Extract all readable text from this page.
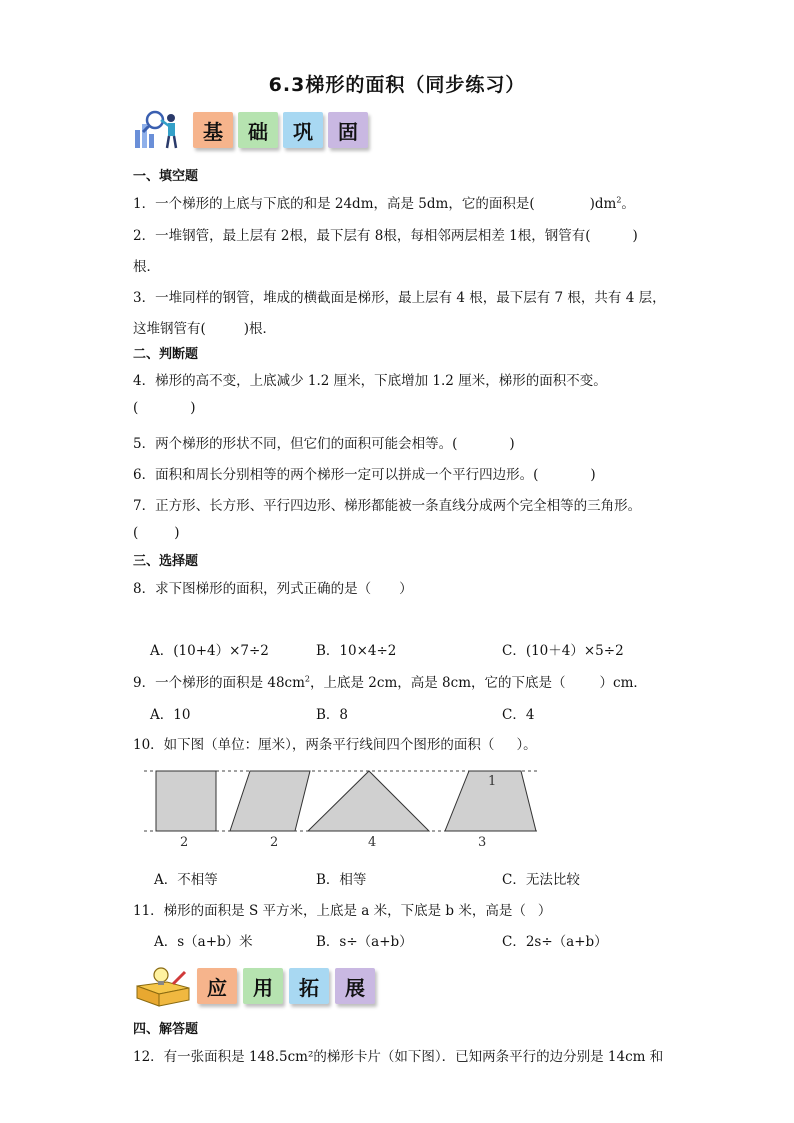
6.3梯形的面积（同步练习）
基	础	巩	固
一、填空题
1．一个梯形的上底与下底的和是 24dm，高是 5dm，它的面积是(	)$dm^2$。
2．一堆钢管，最上层有 2根，最下层有 8根，每相邻两层相差 1根，钢管有(	)
根．
3．一堆同样的钢管，堆成的横截面是梯形，最上层有 4 根，最下层有 7 根，共有 4 层，
这堆钢管有(	)根．
二、判断题
4．梯形的高不变，上底减少 1.2 厘米，下底增加 1.2 厘米，梯形的面积不变。
(	)
5．两个梯形的形状不同，但它们的面积可能会相等。(	)
6．面积和周长分别相等的两个梯形一定可以拼成一个平行四边形。(	)
7．正方形、长方形、平行四边形、梯形都能被一条直线分成两个完全相等的三角形。
(	)
三、选择题
8．求下图梯形的面积，列式正确的是（ ）
A．(10+4）×7÷2	B．10×4÷2	C．(10＋4）×5÷2
9．一个梯形的面积是 $48cm^2$，上底是 2cm，高是 8cm，它的下底是（	）cm．
A．10	B．8	C．4
10．如下图（单位：厘米），两条平行线间四个图形的面积（ ）。
2	2	4	3
1
A．不相等	B．相等	C．无法比较
11．梯形的面积是 S 平方米，上底是 a 米，下底是 b 米，高是（ ）
A．s（a+b）米	B．s÷（a+b）	C．2s÷（a+b）
应	用	拓	展
四、解答题
12．有一张面积是 148.5cm²的梯形卡片（如下图）．已知两条平行的边分别是 14cm 和
